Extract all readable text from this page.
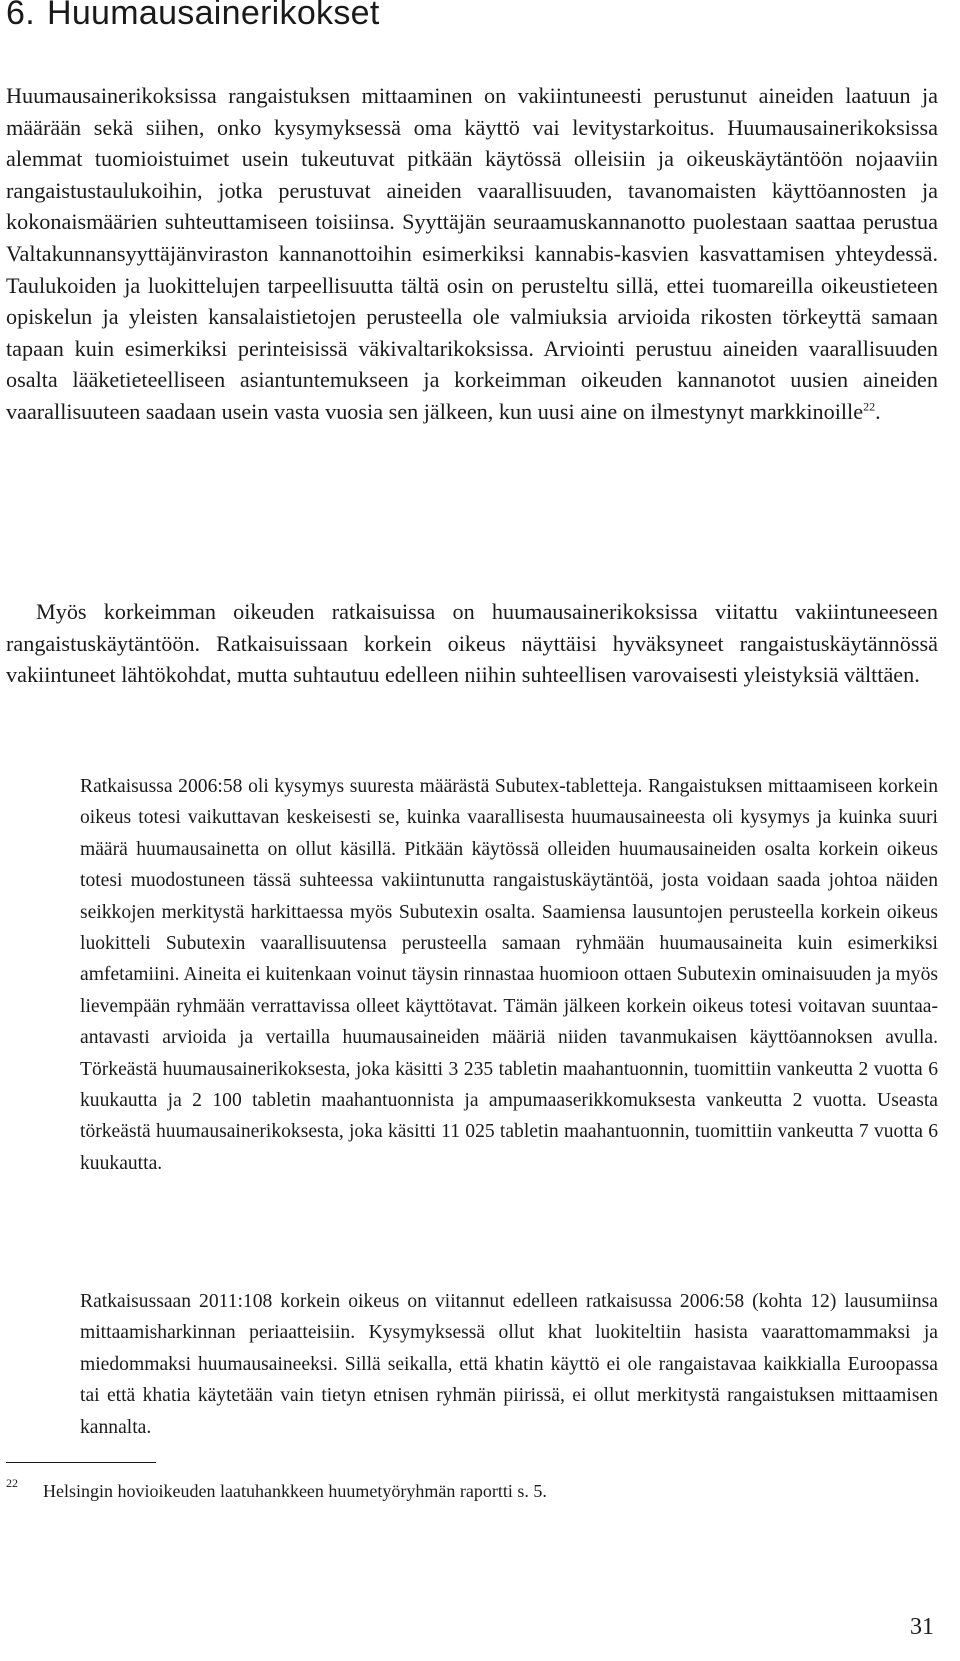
6. Huumausainerikokset

Huumausainerikoksissa rangaistuksen mittaaminen on vakiintuneesti perustunut aineiden laatuun ja määrään sekä siihen, onko kysymyksessä oma käyttö vai levitystarkoitus. Huumausainerikoksissa alemmat tuomioistuimet usein tukeutuvat pitkään käytössä olleisiin ja oikeuskäytäntöön nojaaviin rangaistustaulukoihin, jotka perustuvat aineiden vaarallisuuden, tavanomaisten käyttöannosten ja kokonaismäärien suhteuttamiseen toisiinsa. Syyttäjän seuraamuskannanotto puolestaan saattaa perustua Valtakunnansyyttäjänviraston kannanottoihin esimerkiksi kannabis-kasvien kasvattamisen yhteydessä. Taulukoiden ja luokittelujen tarpeellisuutta tältä osin on perusteltu sillä, ettei tuomareilla oikeustieteen opiskelun ja yleisten kansalaistietojen perusteella ole valmiuksia arvioida rikosten törkeyttä samaan tapaan kuin esimerkiksi perinteisissä väkivaltarikoksissa. Arviointi perustuu aineiden vaarallisuuden osalta lääketieteelliseen asiantuntemukseen ja korkeimman oikeuden kannanotot uusien aineiden vaarallisuuteen saadaan usein vasta vuosia sen jälkeen, kun uusi aine on ilmestynyt markkinoille$^{22}$.

Myös korkeimman oikeuden ratkaisuissa on huumausainerikoksissa viitattu vakiintuneeseen rangaistuskäytäntöön. Ratkaisuissaan korkein oikeus näyttäisi hyväksyneet rangaistuskäytännössä vakiintuneet lähtökohdat, mutta suhtautuu edelleen niihin suhteellisen varovaisesti yleistyksiä välttäen.

Ratkaisussa 2006:58 oli kysymys suuresta määrästä Subutex-tabletteja. Rangaistuksen mittaamiseen korkein oikeus totesi vaikuttavan keskeisesti se, kuinka vaarallisesta huumausaineesta oli kysymys ja kuinka suuri määrä huumausainetta on ollut käsillä. Pitkään käytössä olleiden huumausaineiden osalta korkein oikeus totesi muodostuneen tässä suhteessa vakiintunutta rangaistuskäytäntöä, josta voidaan saada johtoa näiden seikkojen merkitystä harkittaessa myös Subutexin osalta. Saamiensa lausuntojen perusteella korkein oikeus luokitteli Subutexin vaarallisuutensa perusteella samaan ryhmään huumausaineita kuin esimerkiksi amfetamiini. Aineita ei kuitenkaan voinut täysin rinnastaa huomioon ottaen Subutexin ominaisuuden ja myös lievempään ryhmään verrattavissa olleet käyttötavat. Tämän jälkeen korkein oikeus totesi voitavan suuntaa-antavasti arvioida ja vertailla huumausaineiden määriä niiden tavanmukaisen käyttöannoksen avulla. Törkeästä huumausainerikoksesta, joka käsitti 3 235 tabletin maahantuonnin, tuomittiin vankeutta 2 vuotta 6 kuukautta ja 2 100 tabletin maahantuonnista ja ampumaaserikkomuksesta vankeutta 2 vuotta. Useasta törkeästä huumausainerikoksesta, joka käsitti 11 025 tabletin maahantuonnin, tuomittiin vankeutta 7 vuotta 6 kuukautta.

Ratkaisussaan 2011:108 korkein oikeus on viitannut edelleen ratkaisussa 2006:58 (kohta 12) lausumiinsa mittaamisharkinnan periaatteisiin. Kysymyksessä ollut khat luokiteltiin hasista vaarattomammaksi ja miedommaksi huumausaineeksi. Sillä seikalla, että khatin käyttö ei ole rangaistavaa kaikkialla Euroopassa tai että khatia käytetään vain tietyn etnisen ryhmän piirissä, ei ollut merkitystä rangaistuksen mittaamisen kannalta.

22 Helsingin hovioikeuden laatuhankkeen huumetyöryhmän raportti s. 5.
31
